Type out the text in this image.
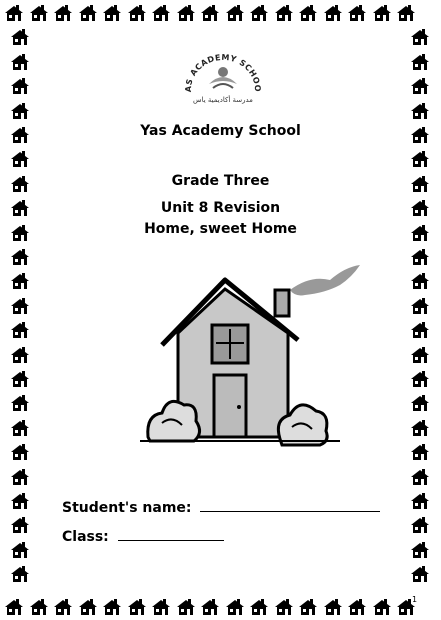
AS ACADEMY SCHOO
مدرسة أكاديمية ياس
Yas Academy School
Grade Three
Unit 8 Revision
Home, sweet Home
Student's name:
Class:
1
